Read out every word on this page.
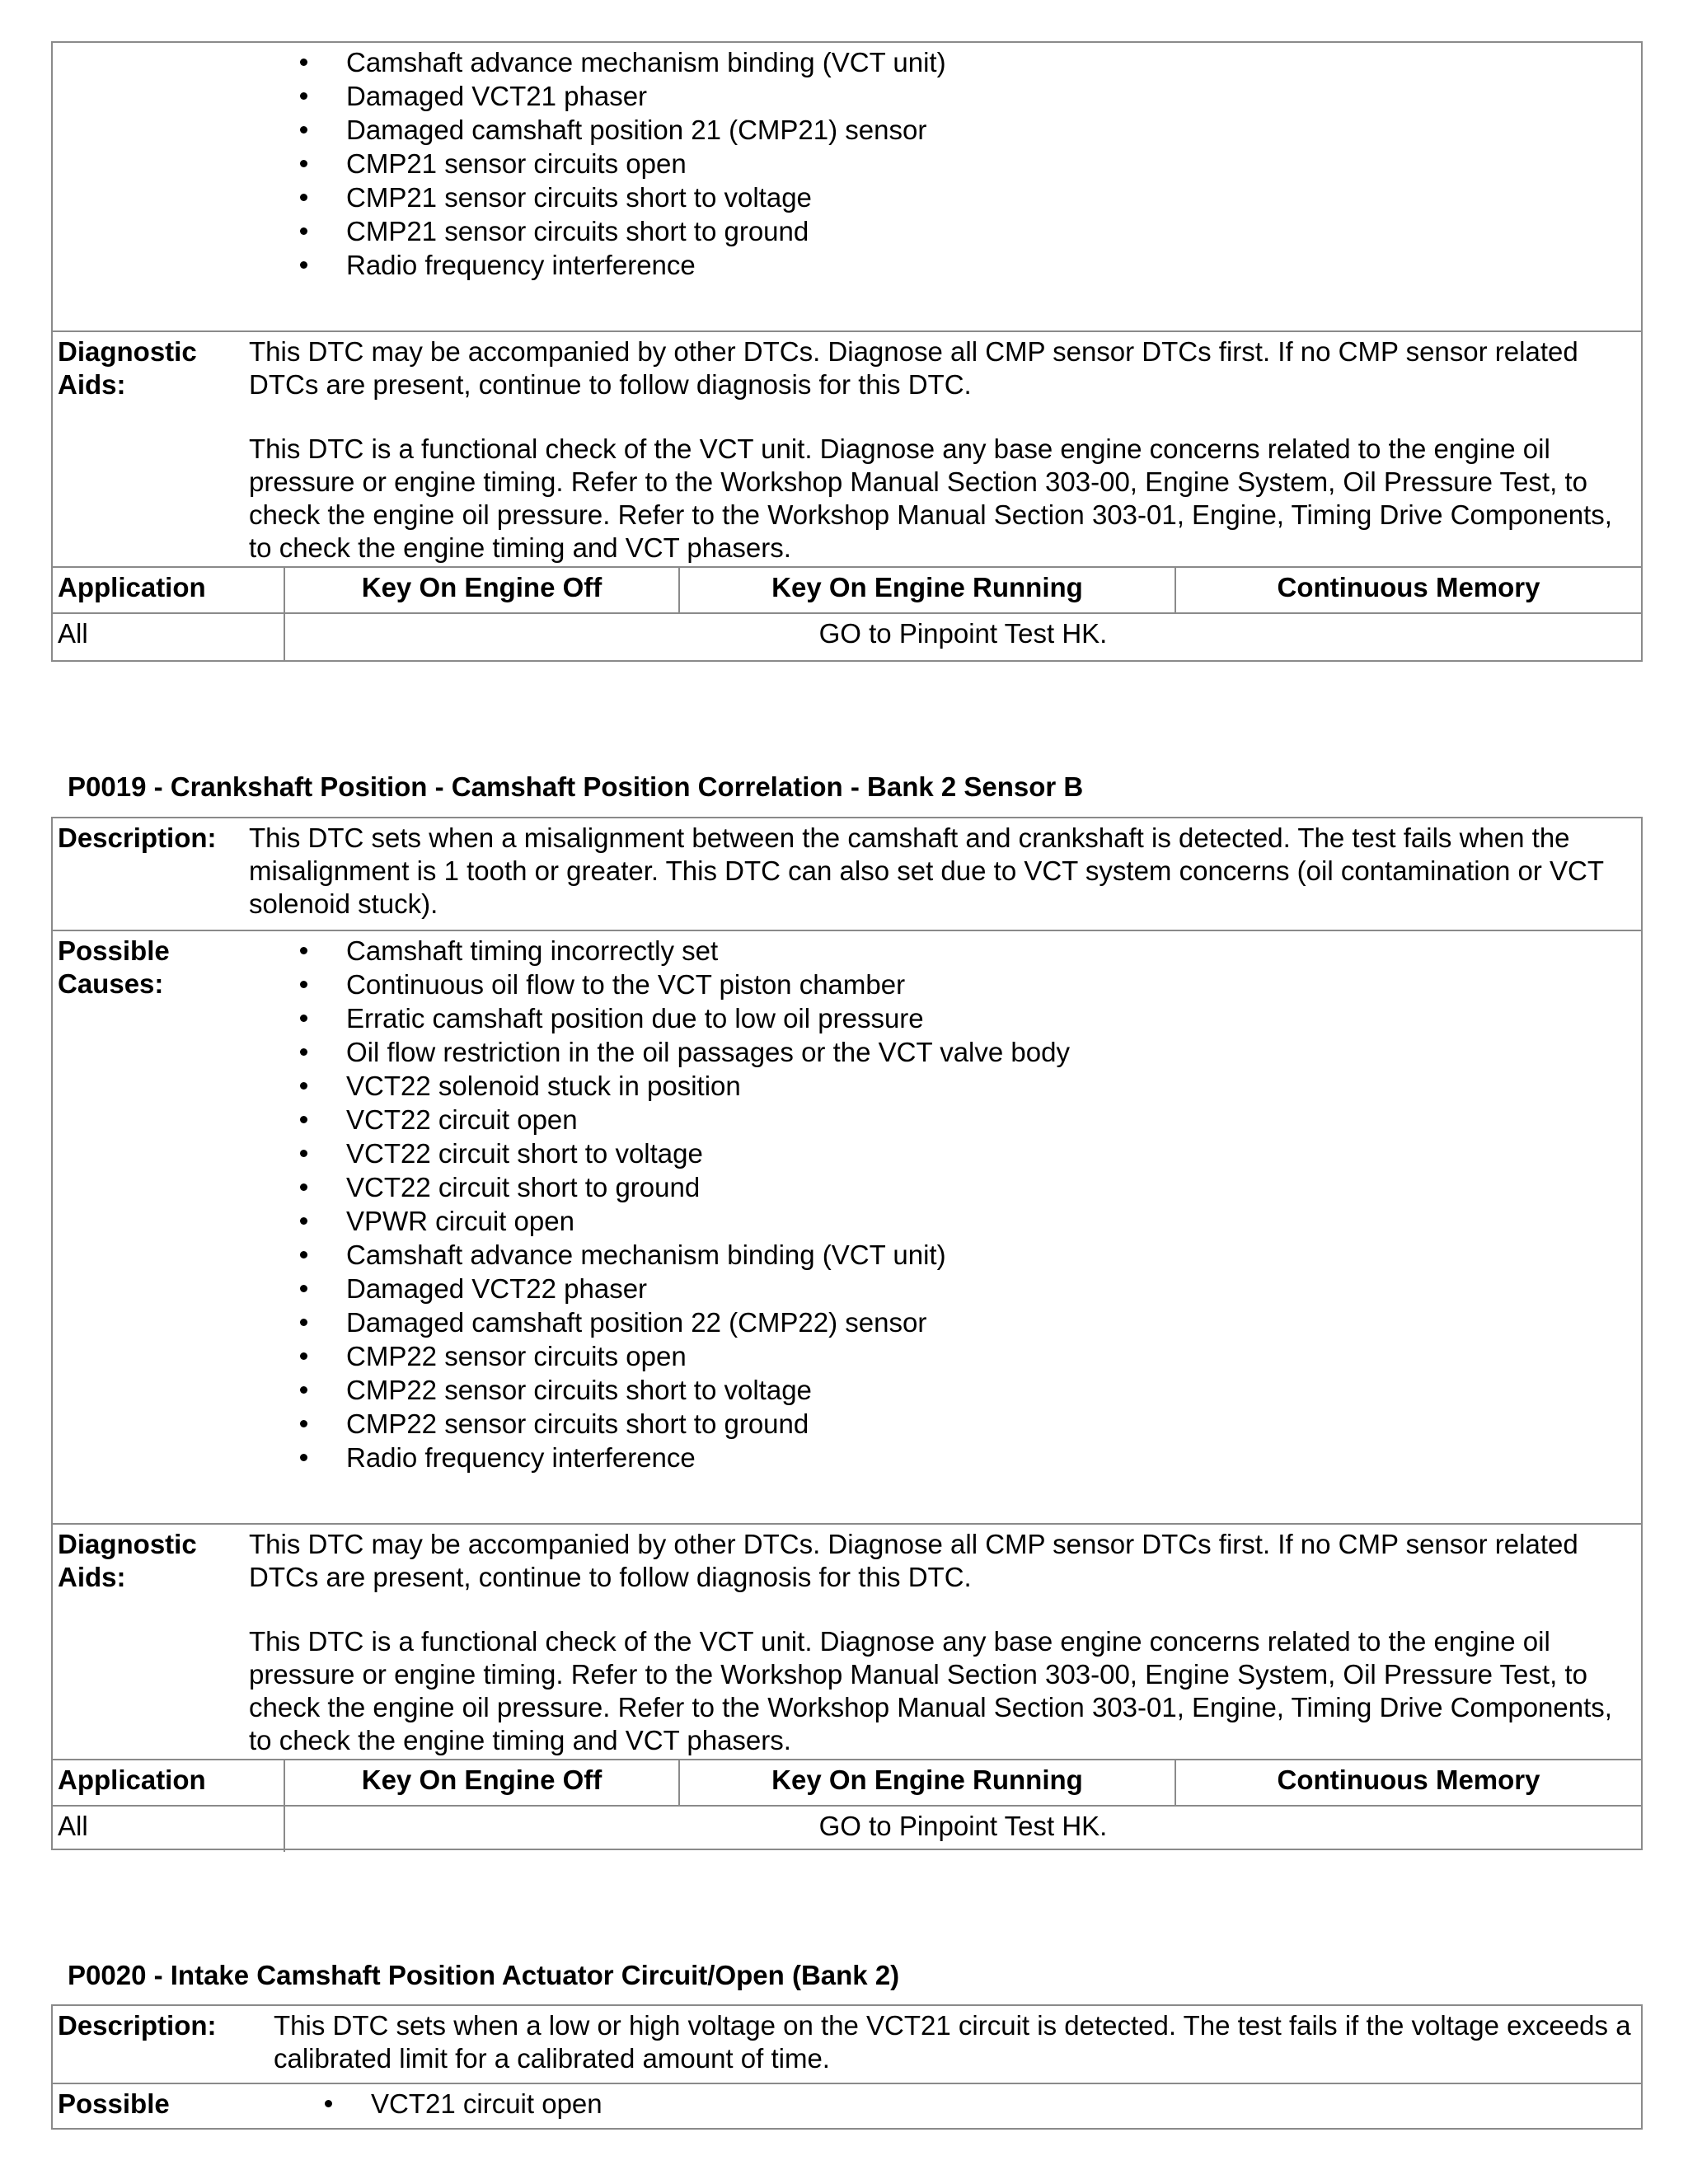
Camshaft advance mechanism binding (VCT unit)
Damaged VCT21 phaser
Damaged camshaft position 21 (CMP21) sensor
CMP21 sensor circuits open
CMP21 sensor circuits short to voltage
CMP21 sensor circuits short to ground
Radio frequency interference
Diagnostic
Aids:

This DTC may be accompanied by other DTCs. Diagnose all CMP sensor DTCs first. If no CMP sensor related DTCs are present, continue to follow diagnosis for this DTC.

This DTC is a functional check of the VCT unit. Diagnose any base engine concerns related to the engine oil pressure or engine timing. Refer to the Workshop Manual Section 303-00, Engine System, Oil Pressure Test, to check the engine oil pressure. Refer to the Workshop Manual Section 303-01, Engine, Timing Drive Components, to check the engine timing and VCT phasers.

Application	Key On Engine Off	Key On Engine Running	Continuous Memory
All	GO to Pinpoint Test HK.
P0019 - Crankshaft Position - Camshaft Position Correlation - Bank 2 Sensor B
Description: This DTC sets when a misalignment between the camshaft and crankshaft is detected. The test fails when the misalignment is 1 tooth or greater. This DTC can also set due to VCT system concerns (oil contamination or VCT solenoid stuck).
Possible
Causes:
Camshaft timing incorrectly set
Continuous oil flow to the VCT piston chamber
Erratic camshaft position due to low oil pressure
Oil flow restriction in the oil passages or the VCT valve body
VCT22 solenoid stuck in position
VCT22 circuit open
VCT22 circuit short to voltage
VCT22 circuit short to ground
VPWR circuit open
Camshaft advance mechanism binding (VCT unit)
Damaged VCT22 phaser
Damaged camshaft position 22 (CMP22) sensor
CMP22 sensor circuits open
CMP22 sensor circuits short to voltage
CMP22 sensor circuits short to ground
Radio frequency interference
Diagnostic
Aids:

This DTC may be accompanied by other DTCs. Diagnose all CMP sensor DTCs first. If no CMP sensor related DTCs are present, continue to follow diagnosis for this DTC.

This DTC is a functional check of the VCT unit. Diagnose any base engine concerns related to the engine oil pressure or engine timing. Refer to the Workshop Manual Section 303-00, Engine System, Oil Pressure Test, to check the engine oil pressure. Refer to the Workshop Manual Section 303-01, Engine, Timing Drive Components, to check the engine timing and VCT phasers.

Application	Key On Engine Off	Key On Engine Running	Continuous Memory
All	GO to Pinpoint Test HK.
P0020 - Intake Camshaft Position Actuator Circuit/Open (Bank 2)
Description: This DTC sets when a low or high voltage on the VCT21 circuit is detected. The test fails if the voltage exceeds a calibrated limit for a calibrated amount of time.
Possible	VCT21 circuit open
